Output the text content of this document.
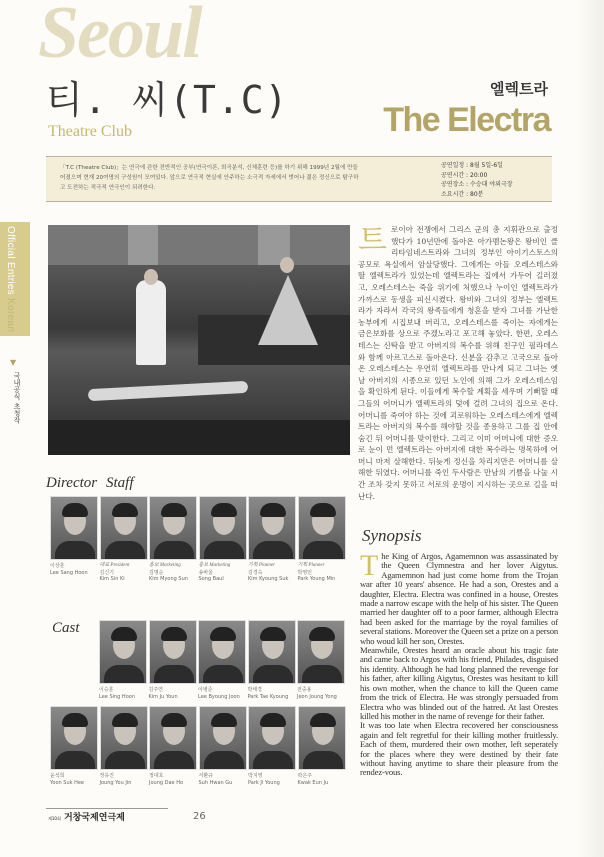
Seoul
티. 씨(T.C)
Theatre Club
엘렉트라
The Electra
「T.C (Theatre Club)」는 연극에 관한 전반적인 공부(연극이론, 희곡분석, 신체훈련 등)를 하기 위해 1999년 2월에 만들어졌으며 현재 20여명의 구성원이 모여있다. 앞으로 연극적 현실에 안주하는 소극적 자세에서 벗어나 젊은 정신으로 탐구하고 도전하는 적극적 연극인이 되려한다.
공연일정 : 8월 5일-6일
공연시간 : 20:00
공연장소 : 수승대 야외극장
소요시간 : 80분
Official Entries Korean
▼
국내공식 초청작
트로이아 전쟁에서 그리스 군의 총 지휘관으로 출정했다가 10년만에 돌아온 아가멤논왕은 왕비인 클리타임네스트라와 그녀의 정부인 아이기스토스의 공모로 욕실에서 암살당했다. 그에게는 아들 오레스테스와 딸 엘렉트라가 있었는데 엘렉트라는 집에서 가두어 길러졌고, 오레스테스는 죽을 위기에 처했으나 누이인 엘렉트라가 가까스로 동생을 피신시켰다. 왕비와 그녀의 정부는 엘렉트라가 자라서 각국의 왕족들에게 청혼을 받자 그녀를 가난한 농부에게 시집보내 버리고, 오레스테스를 죽이는 자에게는 금은보화를 상으로 주겠노라고 포고해 놓았다. 한편, 오레스테스는 신탁을 받고 아버지의 복수를 위해 친구인 필라데스와 함께 아르고스로 돌아온다. 신분을 감추고 고국으로 돌아온 오레스테스는 우연히 엘렉트라를 만나게 되고 그녀는 옛날 아버지의 시종으로 있던 노인에 의해 그가 오레스테스임을 확인하게 된다. 이들에게 복수할 계획을 세우며 기뻐할 때 그들의 어머니가 엘렉트라의 덫에 걸려 그녀의 집으로 온다. 어머니를 죽여야 하는 것에 괴로워하는 오레스테스에게 엘렉트라는 아버지의 복수를 해야할 것을 종용하고 그를 집 안에 숨긴 뒤 어머니를 맞이한다. 그리고 이미 어머니에 대한 증오로 눈이 먼 엘렉트라는 아버지에 대한 복수라는 명목하에 어머니 마저 살해한다. 뒤늦게 정신을 차리지만은 어머니를 살해한 뒤였다. 어머니를 죽인 두사람은 만남의 기쁨을 나눌 시간 조차 갖지 못하고 서로의 운명이 지시하는 곳으로 길을 떠난다.
Director Staff
이상훈
Lee Sang Hoon
대표 President
김신기
Kim Sin Ki
홍보 Marketing
김명순
Kim Myong Sun
홍보 Marketing
송바울
Song Baul
기획 Planner
김경숙
Kim Kyoung Suk
기획 Planner
박영민
Park Young Min
Cast
이승훈
Lee Sing Hoon
김주연
Kim Ju Youn
이병준
Lee Byoung Joon
박태경
Park Tae Kyoung
전중용
Jeon Joung Yong
윤석희
Yoon Suk Hee
정유진
Joung You Jin
정대호
Joung Dae Ho
서환규
Suh Hwan Gu
박지영
Park Ji Young
곽은주
Kwak Eun Ju
Synopsis

The King of Argos, Agamemnon was assassinated by the Queen Clymnestra and her lover Aigytus. Agamemnon had just come home from the Trojan war after 10 years' absence. He had a son, Orestes and a daughter, Electra. Electra was confined in a house, Orestes made a narrow escape with the help of his sister. The Queen married her daughter off to a poor farmer, although Electra had been asked for the marriage by the royal families of several stations. Moreover the Queen set a prize on a person who woud kill her son, Orestes.

Meanwhile, Orestes heard an oracle about his tragic fate and came back to Argos with his friend, Philades, disguised his identity. Although he had long planned the revenge for his father, after killing Aigytus, Orestes was hesitant to kill his own mother, when the chance to kill the Queen came from the trick of Electra. He was strongly persuaded from Electra who was blinded out of the hatred. At last Orestes killed his mother in the name of revenge for their father.

It was too late when Electra recovered her consciousness again and felt regretful for their killing mother fruitlessly. Each of them, murdered their own mother, left seperately for the places where they were destined by their fate without having anytime to share their pleasure from the rendez-vous.

제10회 거창국제연극제	26
